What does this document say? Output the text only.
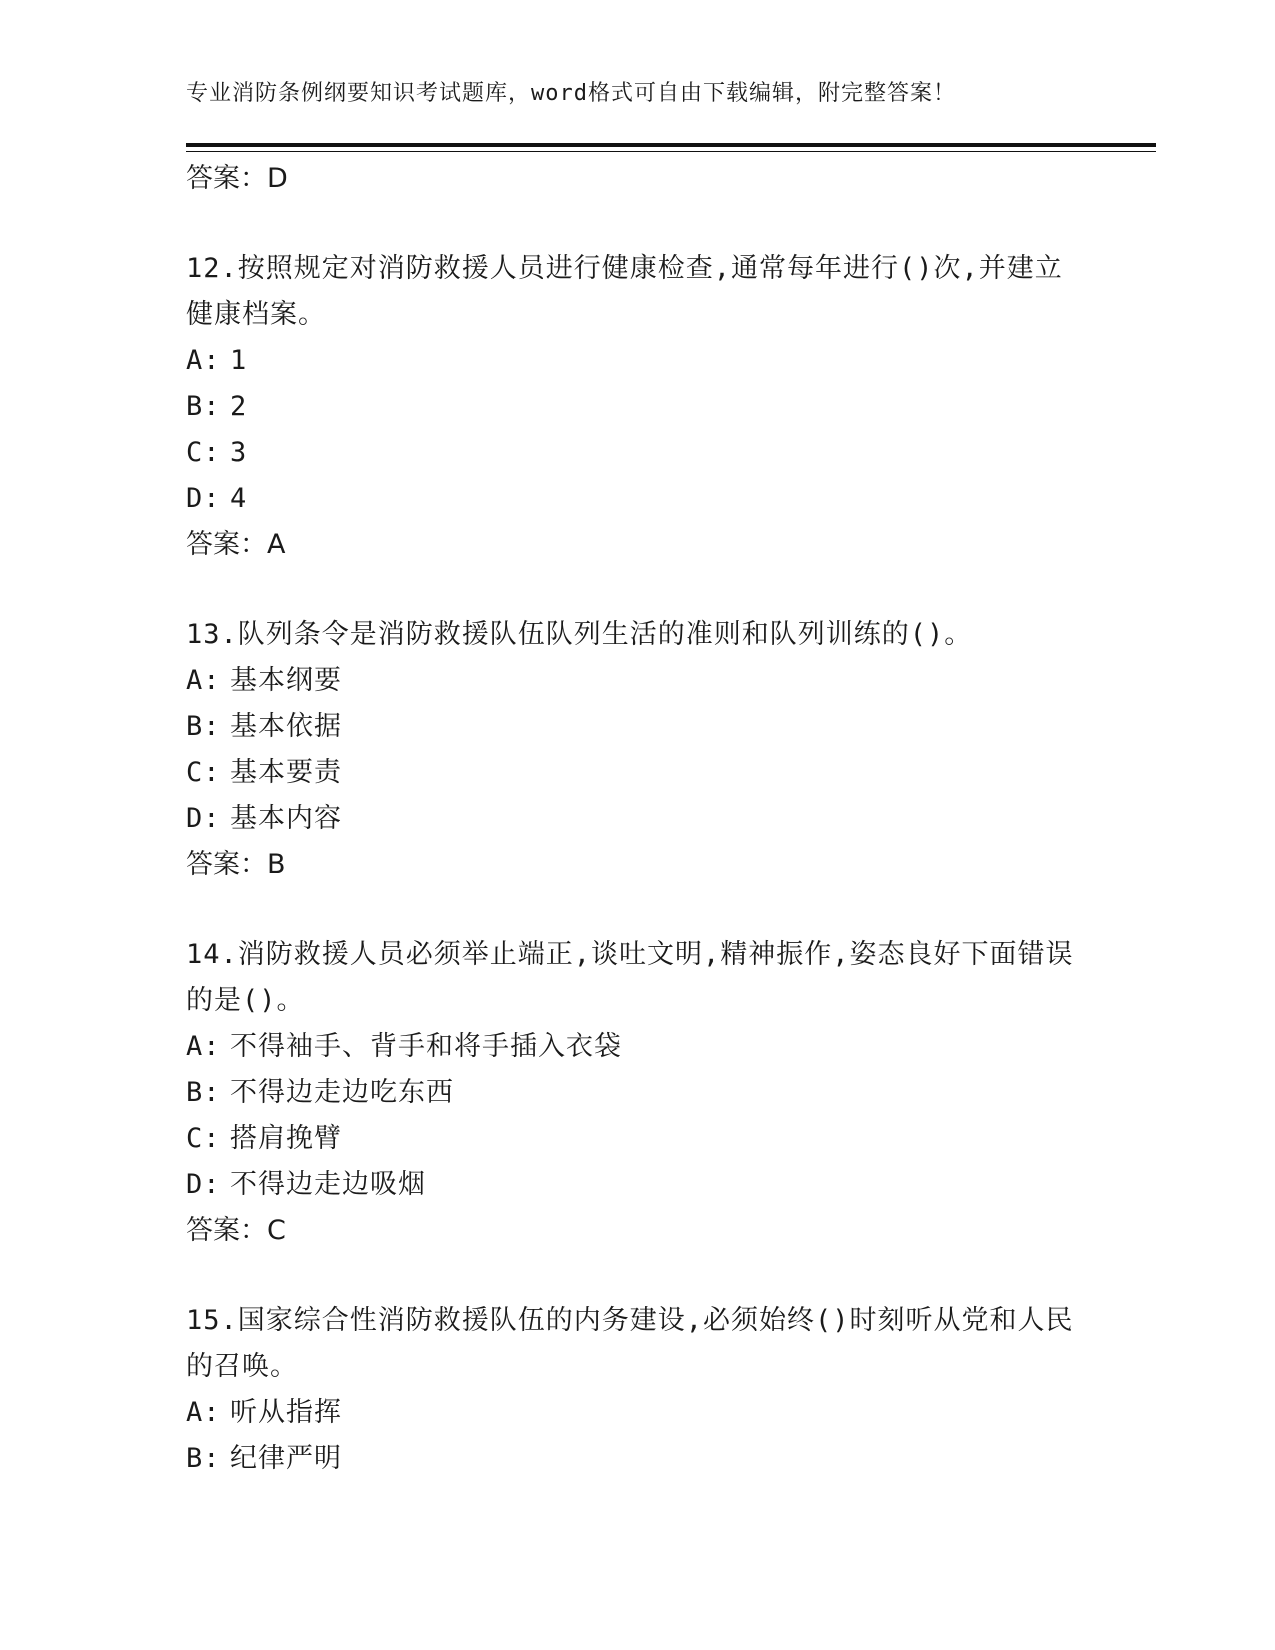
专业消防条例纲要知识考试题库，word格式可自由下载编辑，附完整答案！
答案：D
12.按照规定对消防救援人员进行健康检查,通常每年进行()次,并建立健康档案。
A: 1
B: 2
C: 3
D: 4
答案：A
13.队列条令是消防救援队伍队列生活的准则和队列训练的()。
A: 基本纲要
B: 基本依据
C: 基本要责
D: 基本内容
答案：B
14.消防救援人员必须举止端正,谈吐文明,精神振作,姿态良好下面错误的是()。
A: 不得袖手、背手和将手插入衣袋
B: 不得边走边吃东西
C: 搭肩挽臂
D: 不得边走边吸烟
答案：C
15.国家综合性消防救援队伍的内务建设,必须始终()时刻听从党和人民的召唤。
A: 听从指挥
B: 纪律严明
